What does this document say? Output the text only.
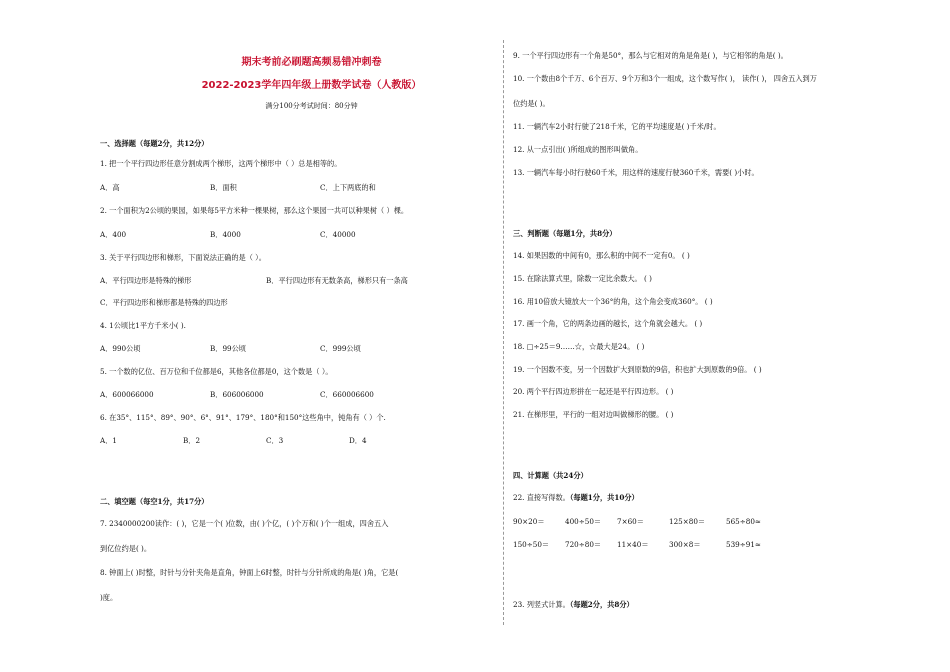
期末考前必刷题高频易错冲刺卷
2022-2023学年四年级上册数学试卷（人教版）
满分100分考试时间：80分钟
一、选择题（每题2分，共12分）
1. 把一个平行四边形任意分割成两个梯形，这两个梯形中（ ）总是相等的。
A．高	B．面积	C．上下两底的和
2. 一个面积为2公顷的果园，如果每5平方米种一棵果树，那么这个果园一共可以种果树（ ）棵。
A．400	B．4000	C．40000
3. 关于平行四边形和梯形，下面说法正确的是（ ）。
A．平行四边形是特殊的梯形	B．平行四边形有无数条高，梯形只有一条高
C．平行四边形和梯形都是特殊的四边形
4. 1公顷比1平方千米小( ).
A．990公顷	B．99公顷	C．999公顷
5. 一个数的亿位、百万位和千位都是6，其他各位都是0，这个数是（ ）。
A．600066000	B．606006000	C．660006600
6. 在35°、115°、89°、90°、6°、91°、179°、180°和150°这些角中，钝角有（ ）个.
A．1	B．2	C．3	D．4
二、填空题（每空1分，共17分）
7. 2340000200读作：( )，它是一个( )位数，由( )个亿，( )个万和( )个一组成，四舍五入
到亿位约是( )。
8. 钟面上( )时整，时针与分针夹角是直角，钟面上6时整，时针与分针所成的角是( )角，它是(
)度。
9. 一个平行四边形有一个角是50°，那么与它相对的角是角是( )，与它相邻的角是( )。
10. 一个数由8个千万、6个百万、9个万和3个一组成，这个数写作( )， 读作( )， 四舍五入到万
位约是( )。
11. 一辆汽车2小时行驶了218千米，它的平均速度是( )千米/时。
12. 从一点引出( )所组成的图形叫做角。
13. 一辆汽车每小时行驶60千米，用这样的速度行驶360千米，需要( )小时。
三、判断题（每题1分，共8分）
14. 如果因数的中间有0，那么积的中间不一定有0。 ( )
15. 在除法算式里，除数一定比余数大。 ( )
16. 用10倍放大镜放大一个36°的角，这个角会变成360°。 ( )
17. 画一个角，它的两条边画的越长，这个角就会越大。 ( )
18. □÷25＝9……☆，☆最大是24。 ( )
19. 一个因数不变，另一个因数扩大到原数的9倍，积也扩大到原数的9倍。 ( )
20. 两个平行四边形拼在一起还是平行四边形。 ( )
21. 在梯形里，平行的一组对边叫做梯形的腰。 ( )
四、计算题（共24分）
22. 直接写得数。（每题1分，共10分）
90×20＝	400÷50＝	7×60＝	125×80＝	565÷80≈
150÷50＝	720÷80＝	11×40＝	300×8＝	539÷91≈
23. 列竖式计算。（每题2分，共8分）
